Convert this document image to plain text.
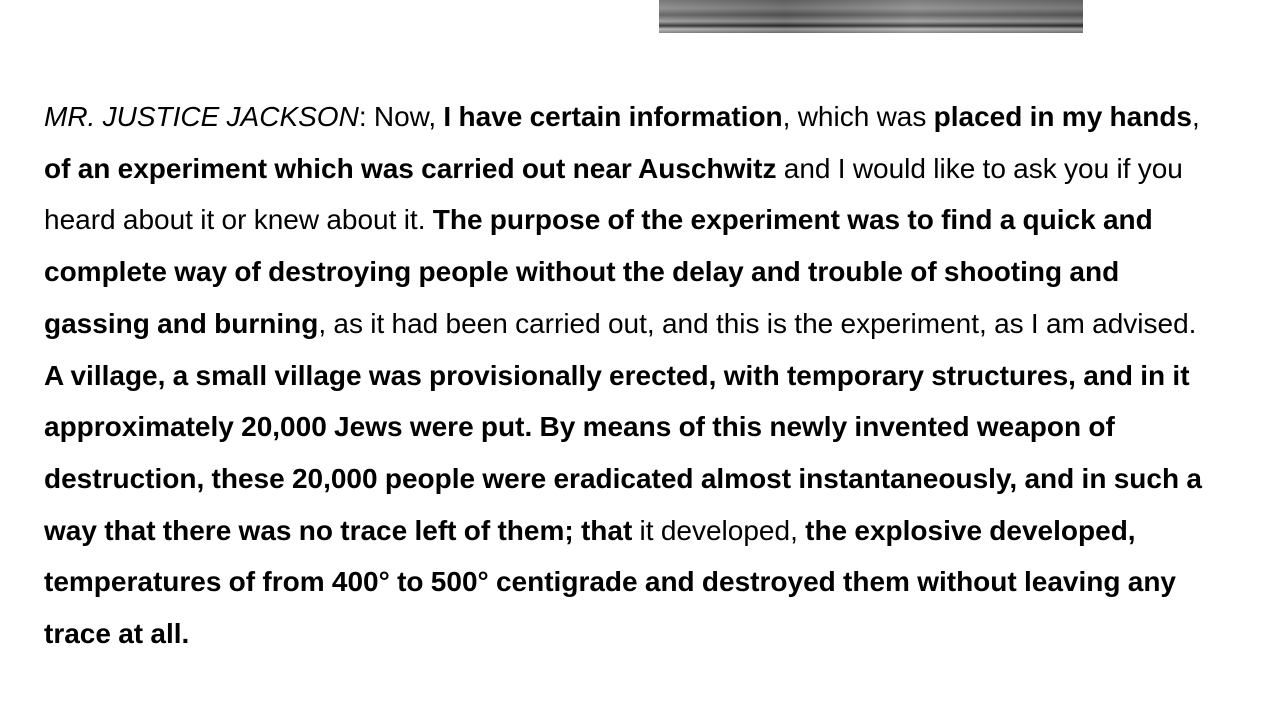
MR. JUSTICE JACKSON: Now, I have certain information, which was placed in my hands, of an experiment which was carried out near Auschwitz and I would like to ask you if you heard about it or knew about it. The purpose of the experiment was to find a quick and complete way of destroying people without the delay and trouble of shooting and gassing and burning, as it had been carried out, and this is the experiment, as I am advised. A village, a small village was provisionally erected, with temporary structures, and in it approximately 20,000 Jews were put. By means of this newly invented weapon of destruction, these 20,000 people were eradicated almost instantaneously, and in such a way that there was no trace left of them; that it developed, the explosive developed, temperatures of from 400° to 500° centigrade and destroyed them without leaving any trace at all.
